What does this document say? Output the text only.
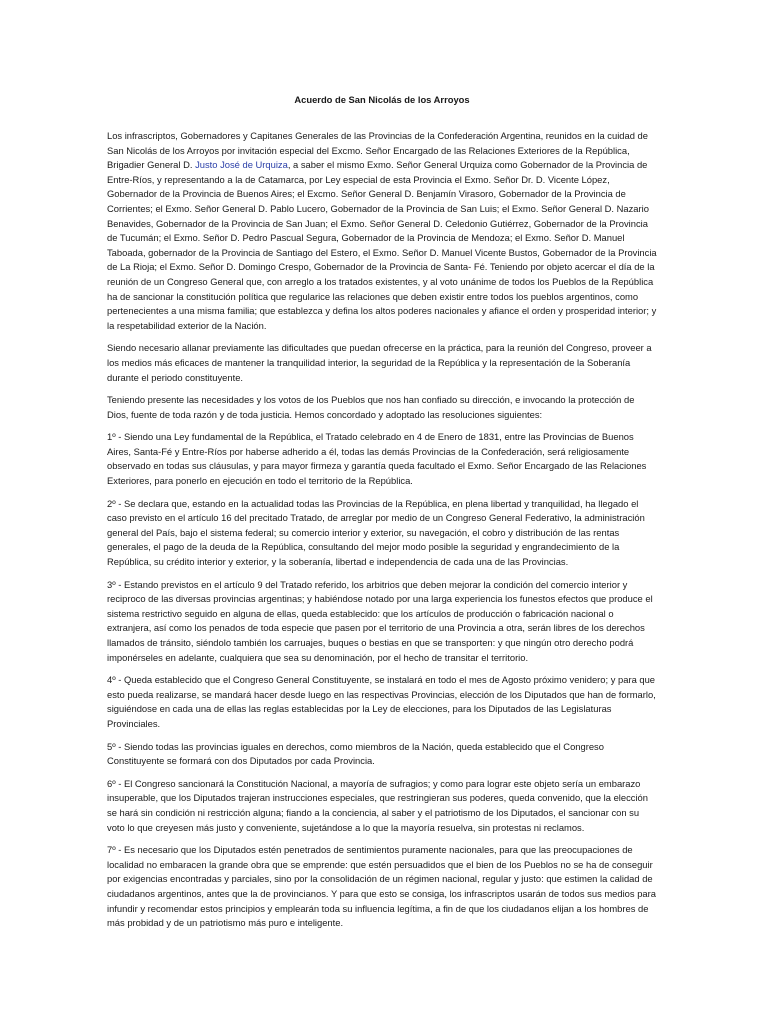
Acuerdo de San Nicolás de los Arroyos

Los infrascriptos, Gobernadores y Capitanes Generales de las Provincias de la Confederación Argentina, reunidos en la cuidad de San Nicolás de los Arroyos por invitación especial del Excmo. Señor Encargado de las Relaciones Exteriores de la República, Brigadier General D. Justo José de Urquiza, a saber el mismo Exmo. Señor General Urquiza como Gobernador de la Provincia de Entre-Ríos, y representando a la de Catamarca, por Ley especial de esta Provincia el Exmo. Señor Dr. D. Vicente López, Gobernador de la Provincia de Buenos Aires; el Excmo. Señor General D. Benjamín Virasoro, Gobernador de la Provincia de Corrientes; el Exmo. Señor General D. Pablo Lucero, Gobernador de la Provincia de San Luis; el Exmo. Señor General D. Nazario Benavides, Gobernador de la Provincia de San Juan; el Exmo. Señor General D. Celedonio Gutiérrez, Gobernador de la Provincia de Tucumán; el Exmo. Señor D. Pedro Pascual Segura, Gobernador de la Provincia de Mendoza; el Exmo. Señor D. Manuel Taboada, gobernador de la Provincia de Santiago del Estero, el Exmo. Señor D. Manuel Vicente Bustos, Gobernador de la Provincia de La Rioja; el Exmo. Señor D. Domingo Crespo, Gobernador de la Provincia de Santa- Fé. Teniendo por objeto acercar el día de la reunión de un Congreso General que, con arreglo a los tratados existentes, y al voto unánime de todos los Pueblos de la República ha de sancionar la constitución política que regularice las relaciones que deben existir entre todos los pueblos argentinos, como pertenecientes a una misma familia; que establezca y defina los altos poderes nacionales y afiance el orden y prosperidad interior; y la respetabilidad exterior de la Nación.

Siendo necesario allanar previamente las dificultades que puedan ofrecerse en la práctica, para la reunión del Congreso, proveer a los medios más eficaces de mantener la tranquilidad interior, la seguridad de la República y la representación de la Soberanía durante el periodo constituyente.

Teniendo presente las necesidades y los votos de los Pueblos que nos han confiado su dirección, e invocando la protección de Dios, fuente de toda razón y de toda justicia. Hemos concordado y adoptado las resoluciones siguientes:

1º - Siendo una Ley fundamental de la República, el Tratado celebrado en 4 de Enero de 1831, entre las Provincias de Buenos Aires, Santa-Fé y Entre-Ríos por haberse adherido a él, todas las demás Provincias de la Confederación, será religiosamente observado en todas sus cláusulas, y para mayor firmeza y garantía queda facultado el Exmo. Señor Encargado de las Relaciones Exteriores, para ponerlo en ejecución en todo el territorio de la República.

2º - Se declara que, estando en la actualidad todas las Provincias de la República, en plena libertad y tranquilidad, ha llegado el caso previsto en el artículo 16 del precitado Tratado, de arreglar por medio de un Congreso General Federativo, la administración general del País, bajo el sistema federal; su comercio interior y exterior, su navegación, el cobro y distribución de las rentas generales, el pago de la deuda de la República, consultando del mejor modo posible la seguridad y engrandecimiento de la República, su crédito interior y exterior, y la soberanía, libertad e independencia de cada una de las Provincias.

3º - Estando previstos en el artículo 9 del Tratado referido, los arbitrios que deben mejorar la condición del comercio interior y reciproco de las diversas provincias argentinas; y habiéndose notado por una larga experiencia los funestos efectos que produce el sistema restrictivo seguido en alguna de ellas, queda establecido: que los artículos de producción o fabricación nacional o extranjera, así como los penados de toda especie que pasen por el territorio de una Provincia a otra, serán libres de los derechos llamados de tránsito, siéndolo también los carruajes, buques o bestias en que se transporten: y que ningún otro derecho podrá imponérseles en adelante, cualquiera que sea su denominación, por el hecho de transitar el territorio.

4º - Queda establecido que el Congreso General Constituyente, se instalará en todo el mes de Agosto próximo venidero; y para que esto pueda realizarse, se mandará hacer desde luego en las respectivas Provincias, elección de los Diputados que han de formarlo, siguiéndose en cada una de ellas las reglas establecidas por la Ley de elecciones, para los Diputados de las Legislaturas Provinciales.

5º - Siendo todas las provincias iguales en derechos, como miembros de la Nación, queda establecido que el Congreso Constituyente se formará con dos Diputados por cada Provincia.

6º - El Congreso sancionará la Constitución Nacional, a mayoría de sufragios; y como para lograr este objeto sería un embarazo insuperable, que los Diputados trajeran instrucciones especiales, que restringieran sus poderes, queda convenido, que la elección se hará sin condición ni restricción alguna; fiando a la conciencia, al saber y el patriotismo de los Diputados, el sancionar con su voto lo que creyesen más justo y conveniente, sujetándose a lo que la mayoría resuelva, sin protestas ni reclamos.

7º - Es necesario que los Diputados estén penetrados de sentimientos puramente nacionales, para que las preocupaciones de localidad no embaracen la grande obra que se emprende: que estén persuadidos que el bien de los Pueblos no se ha de conseguir por exigencias encontradas y parciales, sino por la consolidación de un régimen nacional, regular y justo: que estimen la calidad de ciudadanos argentinos, antes que la de provincianos. Y para que esto se consiga, los infrascriptos usarán de todos sus medios para infundir y recomendar estos principios y emplearán toda su influencia legítima, a fin de que los ciudadanos elijan a los hombres de más probidad y de un patriotismo más puro e inteligente.
